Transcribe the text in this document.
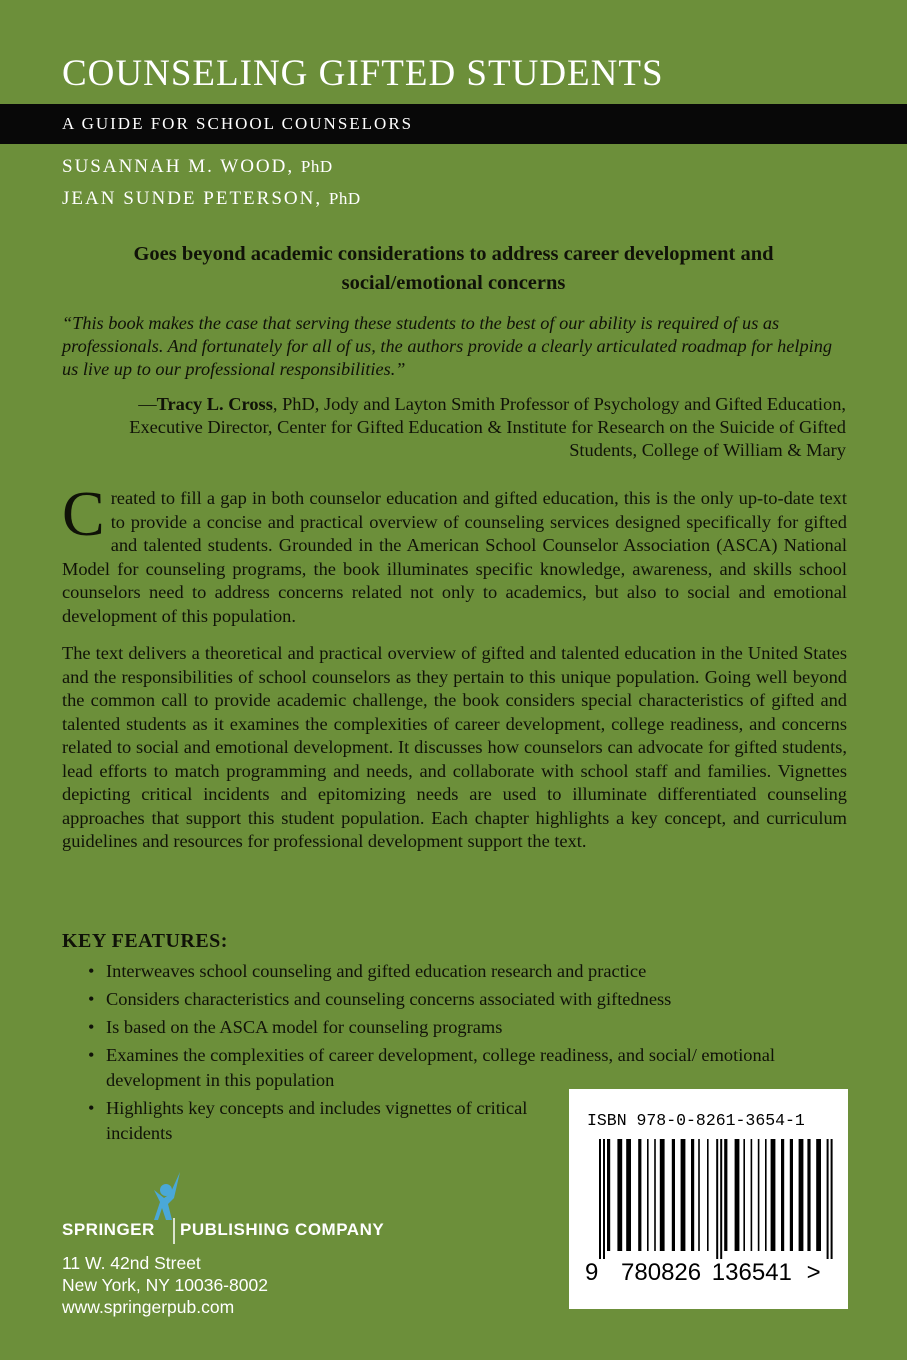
COUNSELING GIFTED STUDENTS
A GUIDE FOR SCHOOL COUNSELORS
SUSANNAH M. WOOD, PhD
JEAN SUNDE PETERSON, PhD
Goes beyond academic considerations to address career development and social/emotional concerns
“This book makes the case that serving these students to the best of our ability is required of us as professionals. And fortunately for all of us, the authors provide a clearly articulated roadmap for helping us live up to our professional responsibilities.”
—Tracy L. Cross, PhD, Jody and Layton Smith Professor of Psychology and Gifted Education, Executive Director, Center for Gifted Education & Institute for Research on the Suicide of Gifted Students, College of William & Mary
Created to fill a gap in both counselor education and gifted education, this is the only up-to-date text to provide a concise and practical overview of counseling services designed specifically for gifted and talented students. Grounded in the American School Counselor Association (ASCA) National Model for counseling programs, the book illuminates specific knowledge, awareness, and skills school counselors need to address concerns related not only to academics, but also to social and emotional development of this population.
The text delivers a theoretical and practical overview of gifted and talented education in the United States and the responsibilities of school counselors as they pertain to this unique population. Going well beyond the common call to provide academic challenge, the book considers special characteristics of gifted and talented students as it examines the complexities of career development, college readiness, and concerns related to social and emotional development. It discusses how counselors can advocate for gifted students, lead efforts to match programming and needs, and collaborate with school staff and families. Vignettes depicting critical incidents and epitomizing needs are used to illuminate differentiated counseling approaches that support this student population. Each chapter highlights a key concept, and curriculum guidelines and resources for professional development support the text.
KEY FEATURES:
• Interweaves school counseling and gifted education research and practice
• Considers characteristics and counseling concerns associated with giftedness
• Is based on the ASCA model for counseling programs
• Examines the complexities of career development, college readiness, and social/ emotional development in this population
• Highlights key concepts and includes vignettes of critical incidents
ISBN 978-0-8261-3654-1
9 780826 136541 >
SPRINGER PUBLISHING COMPANY
11 W. 42nd Street
New York, NY 10036-8002
www.springerpub.com
